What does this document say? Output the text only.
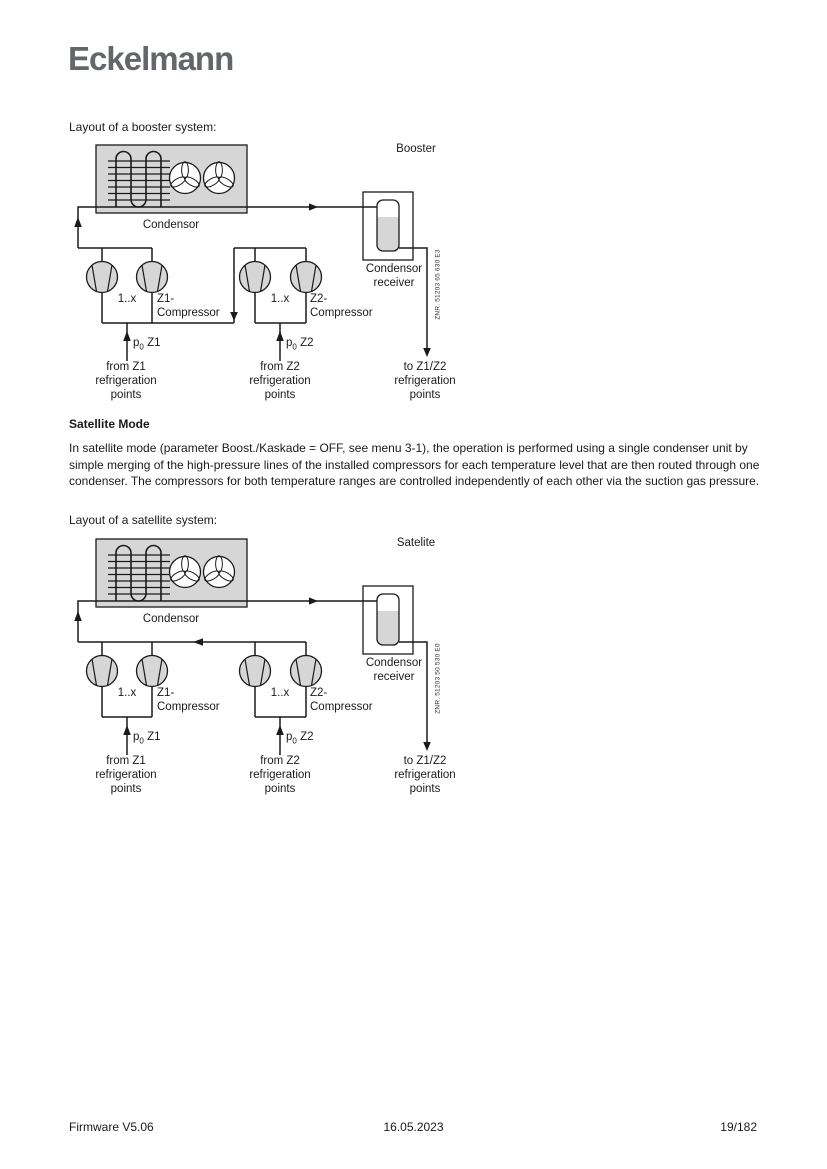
Eckelmann
Layout of a booster system:
Booster
Condensor
Condensor
receiver
1..x	Z1-
Compressor
1..x	Z2-
Compressor
$p_0$ Z1	$p_0$ Z2
from Z1
refrigeration
points
from Z2
refrigeration
points
to Z1/Z2
refrigeration
points
ZNR. 51203 65 630 E3
Satellite Mode
In satellite mode (parameter Boost./Kaskade = OFF, see menu 3-1), the operation is performed using a single condenser unit by simple merging of the high-pressure lines of the installed compressors for each temperature level that are then routed through one condenser. The compressors for both temperature ranges are controlled independently of each other via the suction gas pressure.
Layout of a satellite system:
Satelite
Condensor
Condensor
receiver
1..x	Z1-
Compressor
1..x	Z2-
Compressor
$p_0$ Z1	$p_0$ Z2
from Z1
refrigeration
points
from Z2
refrigeration
points
to Z1/Z2
refrigeration
points
ZNR. 51203 50 530 E0
Firmware V5.06	16.05.2023	19/182
